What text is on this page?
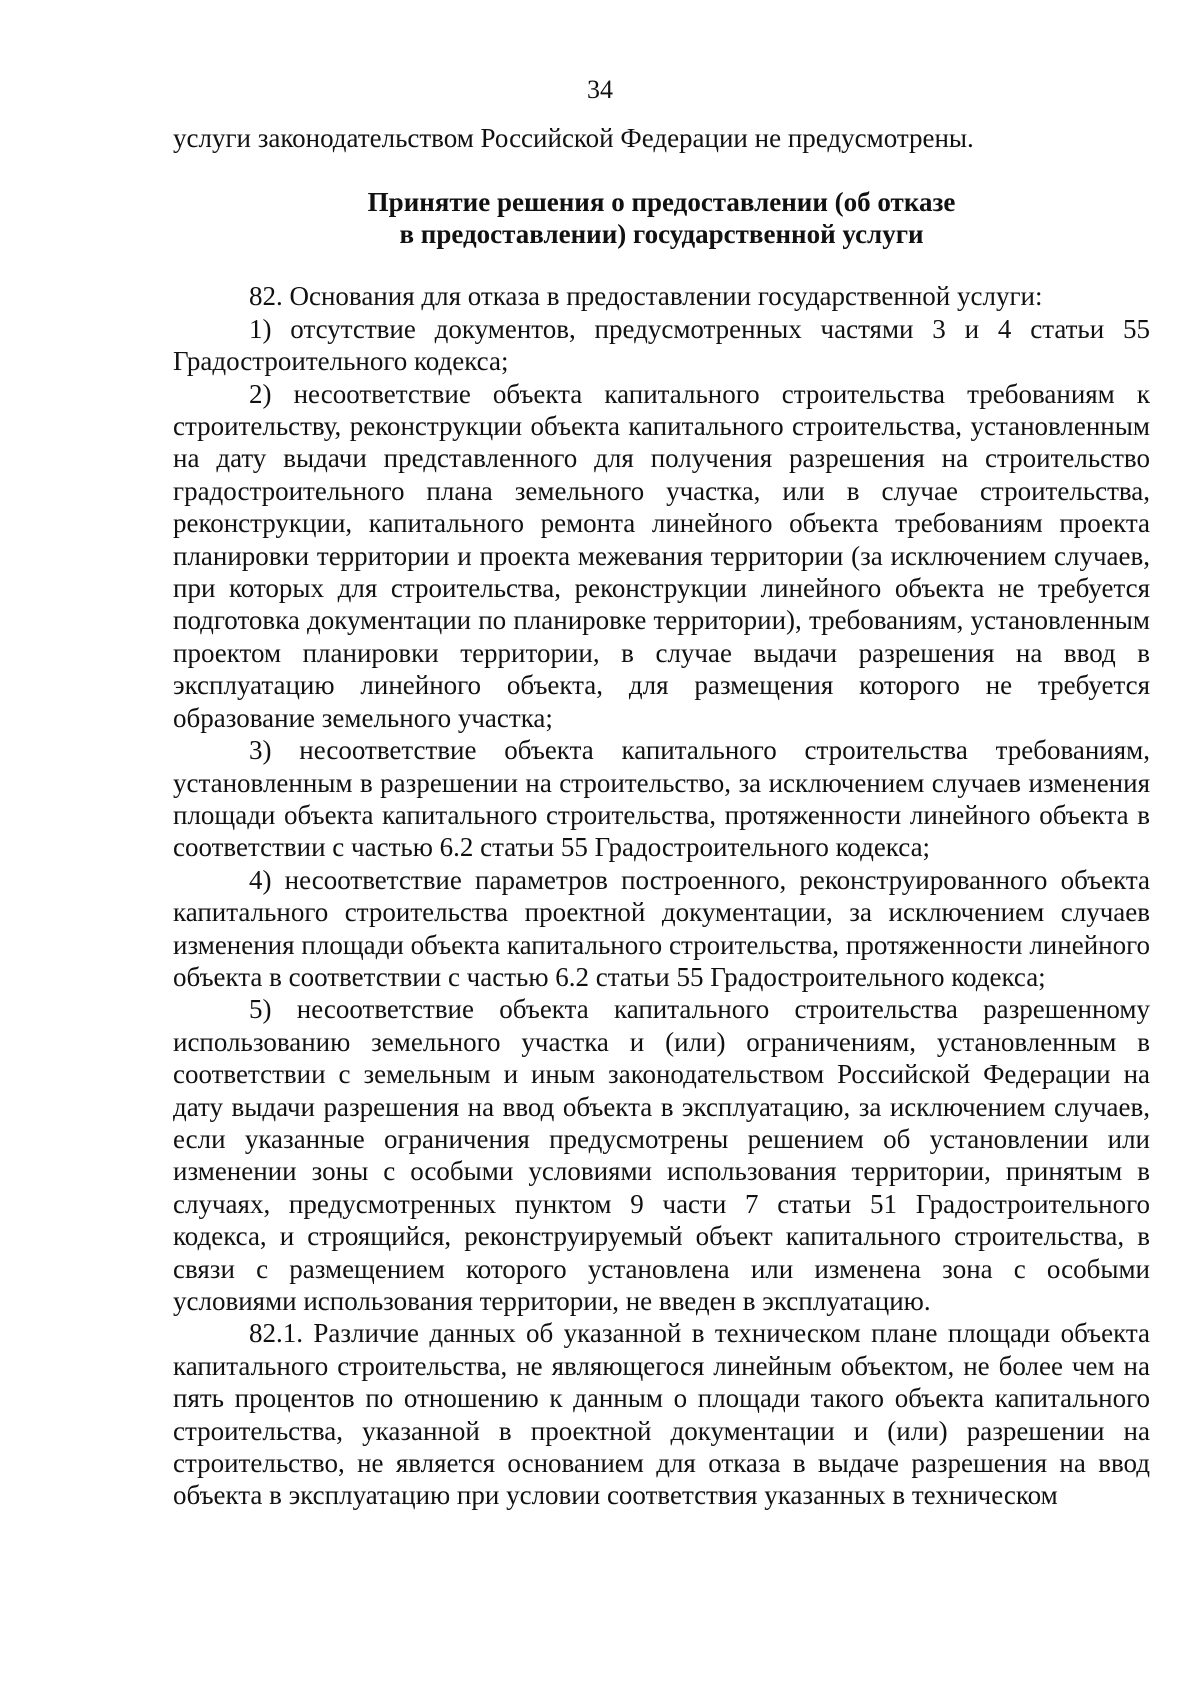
34

услуги законодательством Российской Федерации не предусмотрены.

Принятие решения о предоставлении (об отказе
в предоставлении) государственной услуги

82. Основания для отказа в предоставлении государственной услуги:

1) отсутствие документов, предусмотренных частями 3 и 4 статьи 55 Градостроительного кодекса;

2) несоответствие объекта капитального строительства требованиям к строительству, реконструкции объекта капитального строительства, установленным на дату выдачи представленного для получения разрешения на строительство градостроительного плана земельного участка, или в случае строительства, реконструкции, капитального ремонта линейного объекта требованиям проекта планировки территории и проекта межевания территории (за исключением случаев, при которых для строительства, реконструкции линейного объекта не требуется подготовка документации по планировке территории), требованиям, установленным проектом планировки территории, в случае выдачи разрешения на ввод в эксплуатацию линейного объекта, для размещения которого не требуется образование земельного участка;

3) несоответствие объекта капитального строительства требованиям, установленным в разрешении на строительство, за исключением случаев изменения площади объекта капитального строительства, протяженности линейного объекта в соответствии с частью 6.2 статьи 55 Градостроительного кодекса;

4) несоответствие параметров построенного, реконструированного объекта капитального строительства проектной документации, за исключением случаев изменения площади объекта капитального строительства, протяженности линейного объекта в соответствии с частью 6.2 статьи 55 Градостроительного кодекса;

5) несоответствие объекта капитального строительства разрешенному использованию земельного участка и (или) ограничениям, установленным в соответствии с земельным и иным законодательством Российской Федерации на дату выдачи разрешения на ввод объекта в эксплуатацию, за исключением случаев, если указанные ограничения предусмотрены решением об установлении или изменении зоны с особыми условиями использования территории, принятым в случаях, предусмотренных пунктом 9 части 7 статьи 51 Градостроительного кодекса, и строящийся, реконструируемый объект капитального строительства, в связи с размещением которого установлена или изменена зона с особыми условиями использования территории, не введен в эксплуатацию.

82.1. Различие данных об указанной в техническом плане площади объекта капитального строительства, не являющегося линейным объектом, не более чем на пять процентов по отношению к данным о площади такого объекта капитального строительства, указанной в проектной документации и (или) разрешении на строительство, не является основанием для отказа в выдаче разрешения на ввод объекта в эксплуатацию при условии соответствия указанных в техническом
